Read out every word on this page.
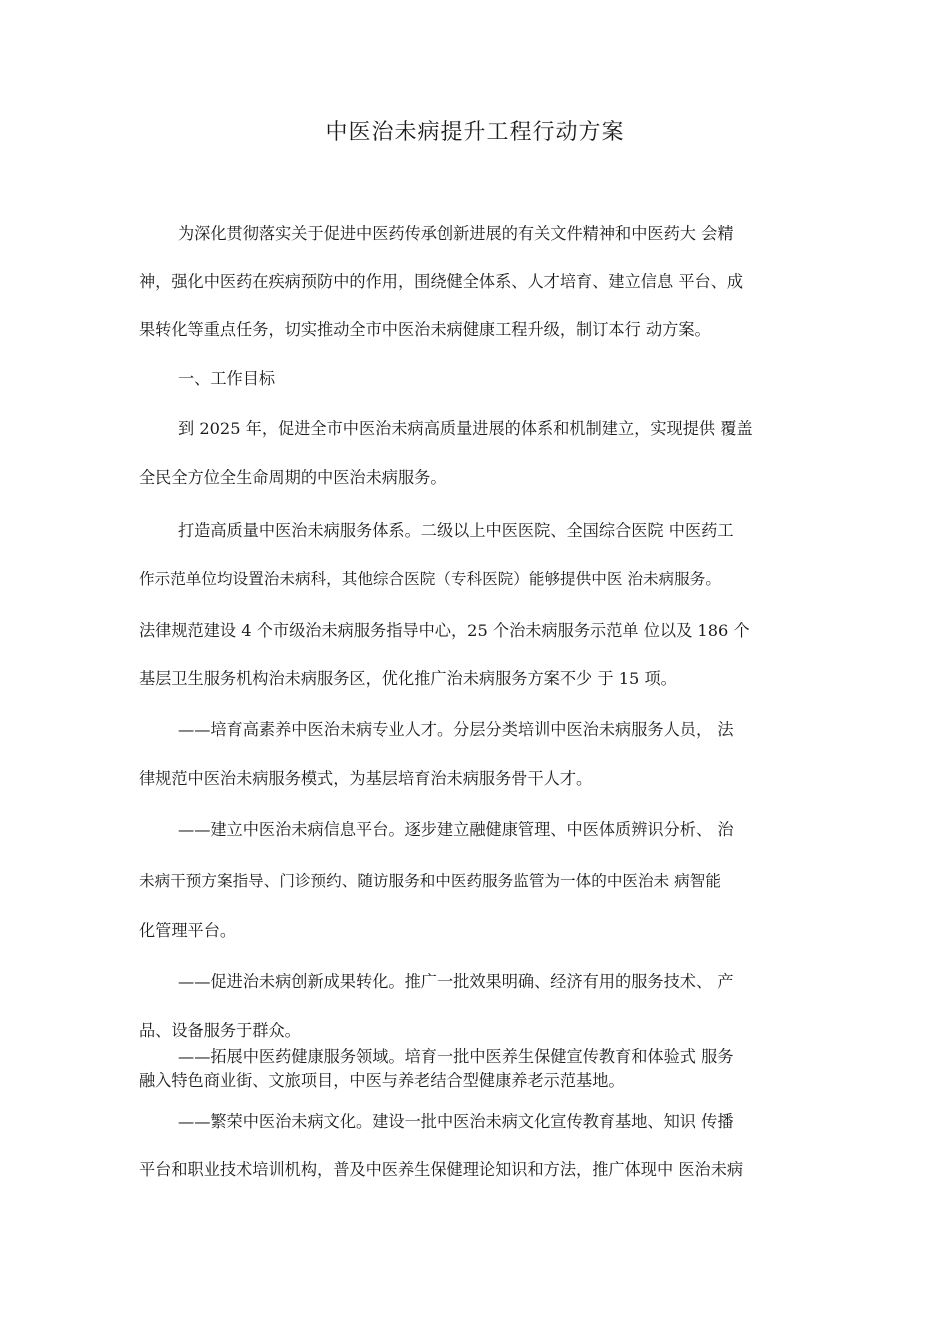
中医治未病提升工程行动方案
为深化贯彻落实关于促进中医药传承创新进展的有关文件精神和中医药大 会精
神，强化中医药在疾病预防中的作用，围绕健全体系、人才培育、建立信息 平台、成
果转化等重点任务，切实推动全市中医治未病健康工程升级，制订本行 动方案。
一、工作目标
到 2025 年，促进全市中医治未病高质量进展的体系和机制建立，实现提供 覆盖
全民全方位全生命周期的中医治未病服务。
打造高质量中医治未病服务体系。二级以上中医医院、全国综合医院 中医药工
作示范单位均设置治未病科，其他综合医院（专科医院）能够提供中医 治未病服务。
法律规范建设 4 个市级治未病服务指导中心，25 个治未病服务示范单 位以及 186 个
基层卫生服务机构治未病服务区，优化推广治未病服务方案不少 于 15 项。
——培育高素养中医治未病专业人才。分层分类培训中医治未病服务人员， 法
律规范中医治未病服务模式，为基层培育治未病服务骨干人才。
——建立中医治未病信息平台。逐步建立融健康管理、中医体质辨识分析、 治
未病干预方案指导、门诊预约、随访服务和中医药服务监管为一体的中医治未 病智能
化管理平台。
——促进治未病创新成果转化。推广一批效果明确、经济有用的服务技术、 产
品、设备服务于群众。
——拓展中医药健康服务领域。培育一批中医养生保健宣传教育和体验式 服务
融入特色商业街、文旅项目，中医与养老结合型健康养老示范基地。
——繁荣中医治未病文化。建设一批中医治未病文化宣传教育基地、知识 传播
平台和职业技术培训机构，普及中医养生保健理论知识和方法，推广体现中 医治未病
